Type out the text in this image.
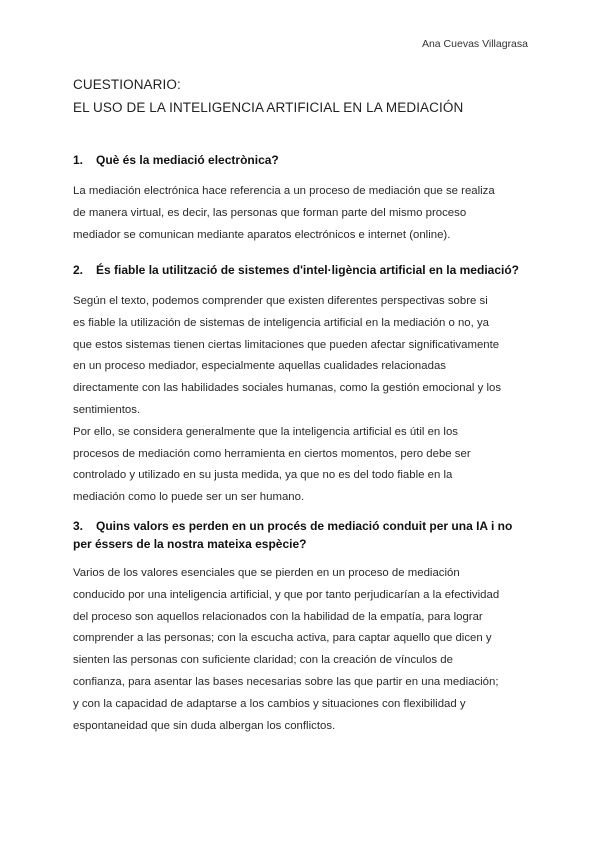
Ana Cuevas Villagrasa
CUESTIONARIO:
EL USO DE LA INTELIGENCIA ARTIFICIAL EN LA MEDIACIÓN
1. Què és la mediació electrònica?
La mediación electrónica hace referencia a un proceso de mediación que se realiza
de manera virtual, es decir, las personas que forman parte del mismo proceso
mediador se comunican mediante aparatos electrónicos e internet (online).
2. És fiable la utilització de sistemes d'intel·ligència artificial en la mediació?
Según el texto, podemos comprender que existen diferentes perspectivas sobre si
es fiable la utilización de sistemas de inteligencia artificial en la mediación o no, ya
que estos sistemas tienen ciertas limitaciones que pueden afectar significativamente
en un proceso mediador, especialmente aquellas cualidades relacionadas
directamente con las habilidades sociales humanas, como la gestión emocional y los
sentimientos.
Por ello, se considera generalmente que la inteligencia artificial es útil en los
procesos de mediación como herramienta en ciertos momentos, pero debe ser
controlado y utilizado en su justa medida, ya que no es del todo fiable en la
mediación como lo puede ser un ser humano.
3. Quins valors es perden en un procés de mediació conduit per una IA i no
per éssers de la nostra mateixa espècie?
Varios de los valores esenciales que se pierden en un proceso de mediación
conducido por una inteligencia artificial, y que por tanto perjudicarían a la efectividad
del proceso son aquellos relacionados con la habilidad de la empatía, para lograr
comprender a las personas; con la escucha activa, para captar aquello que dicen y
sienten las personas con suficiente claridad; con la creación de vínculos de
confianza, para asentar las bases necesarias sobre las que partir en una mediación;
y con la capacidad de adaptarse a los cambios y situaciones con flexibilidad y
espontaneidad que sin duda albergan los conflictos.
